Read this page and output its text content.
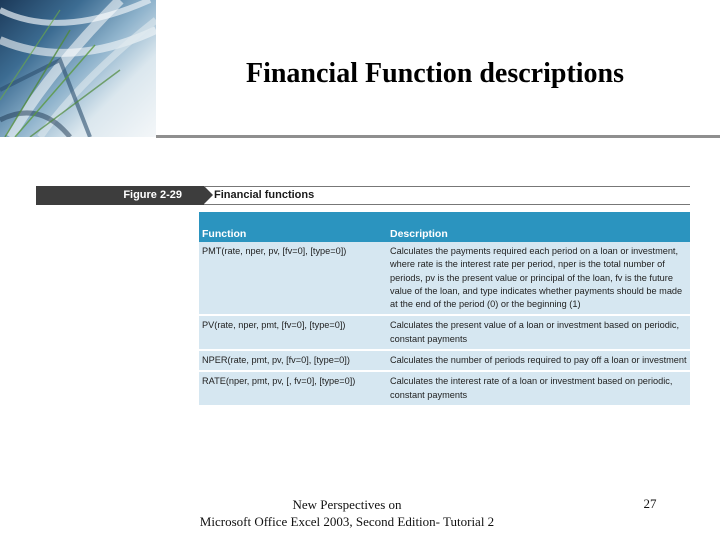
Financial Function descriptions
Figure 2-29	Financial functions
Function	Description
PMT(rate, nper, pv, [fv=0], [type=0])	Calculates the payments required each period on a loan or investment, where rate is the interest rate per period, nper is the total number of periods, pv is the present value or principal of the loan, fv is the future value of the loan, and type indicates whether payments should be made at the end of the period (0) or the beginning (1)
PV(rate, nper, pmt, [fv=0], [type=0])	Calculates the present value of a loan or investment based on periodic, constant payments
NPER(rate, pmt, pv, [fv=0], [type=0])	Calculates the number of periods required to pay off a loan or investment
RATE(nper, pmt, pv, [, fv=0], [type=0])	Calculates the interest rate of a loan or investment based on periodic, constant payments
New Perspectives on
Microsoft Office Excel 2003, Second Edition- Tutorial 2
27
